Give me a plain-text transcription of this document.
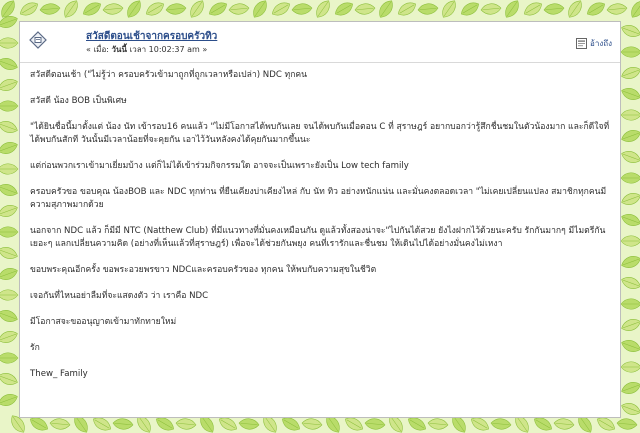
สวัสดีตอนเช้าจากครอบครัวทิว
« เมื่อ: วันนี้ เวลา 10:02:37 am »
อ้างถึง

สวัสดีตอนเช้า ("ไม่รู้ว่า ครอบครัวเข้ามาถูกที่ถูกเวลาหรือเปล่า) NDC ทุกคน

สวัสดี น้อง BOB เป็นพิเศษ

"ได้ยินชื่อนี้มาตั้งแต่ น้อง นัท เข้ารอบ16 คนแล้ว "ไม่มีโอกาสได้พบกันเลย จนได้พบกันเมื่อตอน C ที่ สุราษฎร์ อยากบอกว่ารู้สึกชื่นชมในตัวน้องมาก และก็ดีใจที่ได้พบกันสักที วันนั้นมีเวลาน้อยที่จะคุยกัน เอาไว้วันหลังคงได้คุยกันมากขึ้นนะ

แต่ก่อนพวกเราเข้ามาเยี่ยมบ้าง แต่ก็ไม่ได้เข้าร่วมกิจกรรมใด อาจจะเป็นเพราะยังเป็น Low tech family

ครอบครัวขอ ขอบคุณ น้องBOB และ NDC ทุกท่าน ที่ยืนเคียงบ่าเคียงไหล่ กับ นัท ทิว อย่างหนักแน่น และมั่นคงตลอดเวลา "ไม่เคยเปลี่ยนแปลง สมาชิกทุกคนมีความสุภาพมากด้วย

นอกจาก NDC แล้ว ก็มีมี NTC (Natthew Club) ที่มีแนวทางที่มั่นคงเหมือนกัน ดูแล้วทั้งสองน่าจะ"ไปกันได้สวย ยังไงฝากไว้ด้วยนะครับ รักกันมากๆ มีไมตรีกันเยอะๆ แลกเปลี่ยนความคิด (อย่างที่เห็นแล้วที่สุราษฎร์) เพื่อจะได้ช่วยกันพยุง คนที่เรารักและชื่นชม ให้เดินไปได้อย่างมั่นคงไม่เหงา

ขอบพระคุณอีกครั้ง ขอพระอวยพรขาว NDCและครอบครัวของ ทุกคน ให้พบกับความสุขในชีวิต

เจอกันที่ไหนอย่าลืมที่จะแสดงตัว ว่า เราคือ NDC

มีโอกาสจะขออนุญาตเข้ามาทักทายใหม่

รัก

Thew_ Family
